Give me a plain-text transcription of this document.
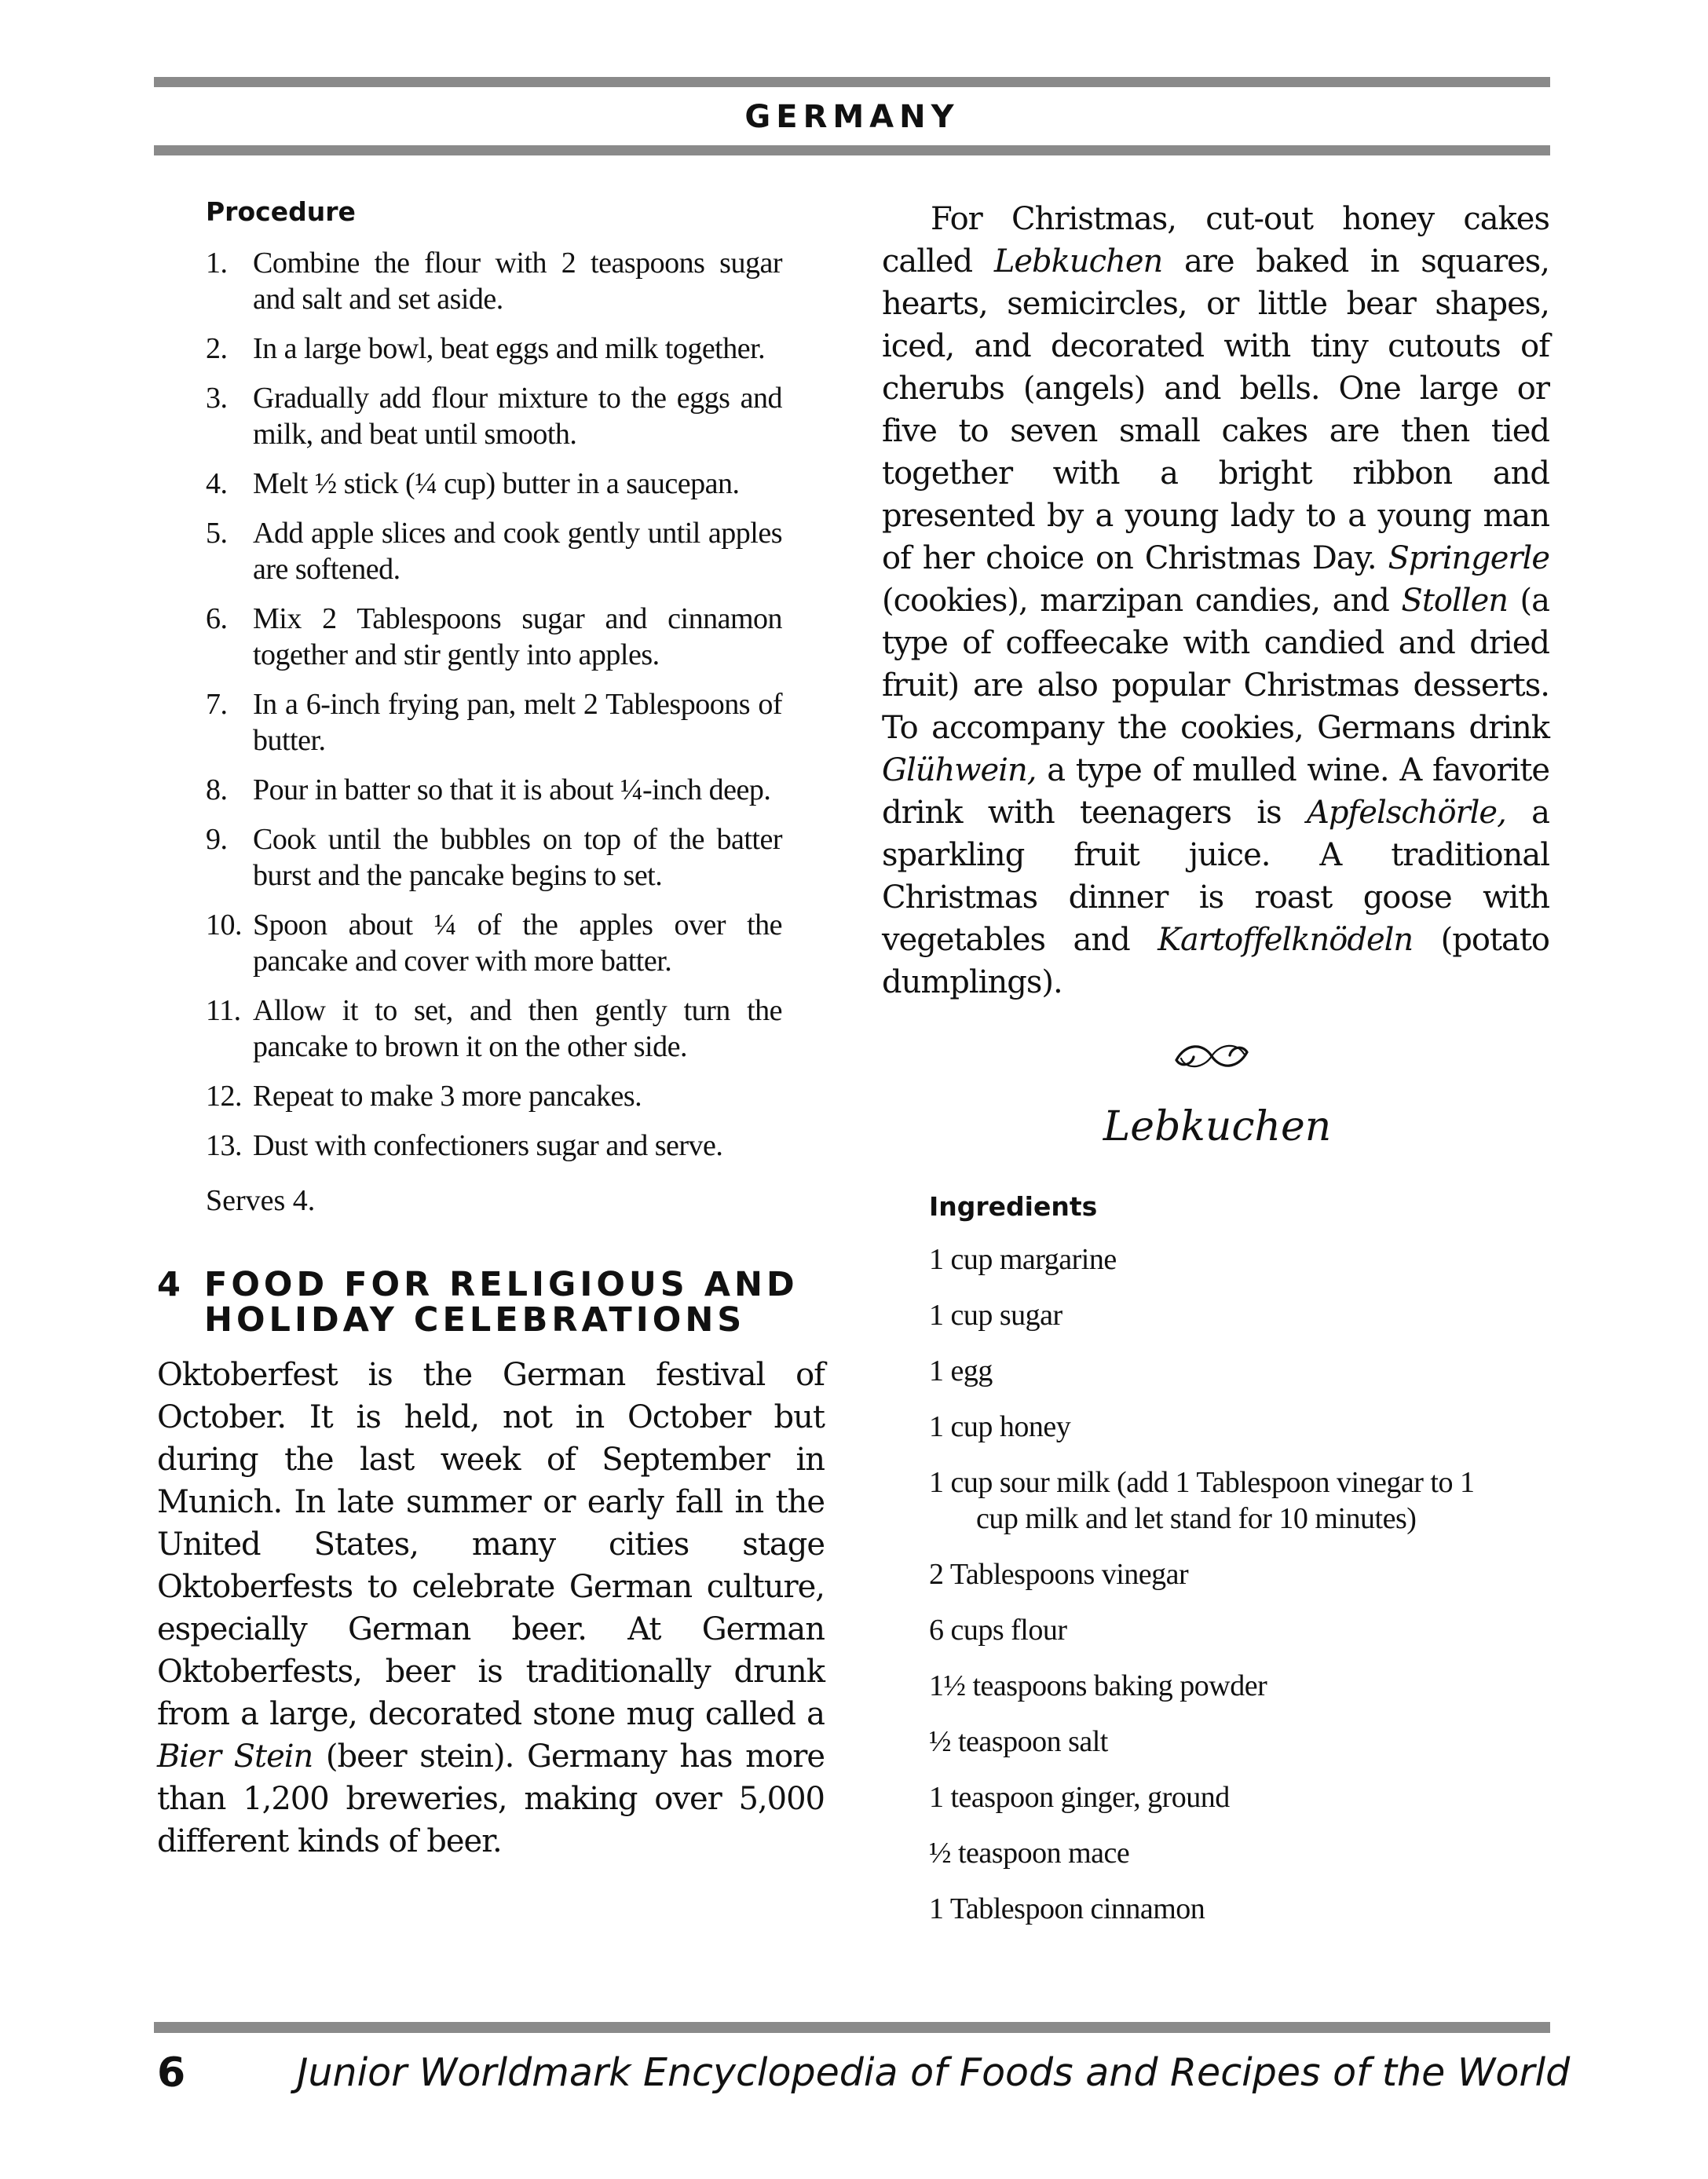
GERMANY
Procedure
1. Combine the flour with 2 teaspoons sugar and salt and set aside.
2. In a large bowl, beat eggs and milk together.
3. Gradually add flour mixture to the eggs and milk, and beat until smooth.
4. Melt ½ stick (¼ cup) butter in a saucepan.
5. Add apple slices and cook gently until apples are softened.
6. Mix 2 Tablespoons sugar and cinnamon together and stir gently into apples.
7. In a 6-inch frying pan, melt 2 Tablespoons of butter.
8. Pour in batter so that it is about ¼-inch deep.
9. Cook until the bubbles on top of the batter burst and the pancake begins to set.
10. Spoon about ¼ of the apples over the pancake and cover with more batter.
11. Allow it to set, and then gently turn the pancake to brown it on the other side.
12. Repeat to make 3 more pancakes.
13. Dust with confectioners sugar and serve.

Serves 4.

4 FOOD FOR RELIGIOUS AND HOLIDAY CELEBRATIONS

Oktoberfest is the German festival of October. It is held, not in October but during the last week of September in Munich. In late summer or early fall in the United States, many cities stage Oktoberfests to celebrate German culture, especially German beer. At German Oktoberfests, beer is traditionally drunk from a large, decorated stone mug called a Bier Stein (beer stein). Germany has more than 1,200 breweries, making over 5,000 different kinds of beer.

For Christmas, cut-out honey cakes called Lebkuchen are baked in squares, hearts, semicircles, or little bear shapes, iced, and decorated with tiny cutouts of cherubs (angels) and bells. One large or five to seven small cakes are then tied together with a bright ribbon and presented by a young lady to a young man of her choice on Christmas Day. Springerle (cookies), marzipan candies, and Stollen (a type of coffeecake with candied and dried fruit) are also popular Christmas desserts. To accompany the cookies, Germans drink Glühwein, a type of mulled wine. A favorite drink with teenagers is Apfelschörle, a sparkling fruit juice. A traditional Christmas dinner is roast goose with vegetables and Kartoffelknödeln (potato dumplings).

Lebkuchen
Ingredients
1 cup margarine
1 cup sugar
1 egg
1 cup honey
1 cup sour milk (add 1 Tablespoon vinegar to 1 cup milk and let stand for 10 minutes)
2 Tablespoons vinegar
6 cups flour
1½ teaspoons baking powder
½ teaspoon salt
1 teaspoon ginger, ground
½ teaspoon mace
1 Tablespoon cinnamon
6	Junior Worldmark Encyclopedia of Foods and Recipes of the World
